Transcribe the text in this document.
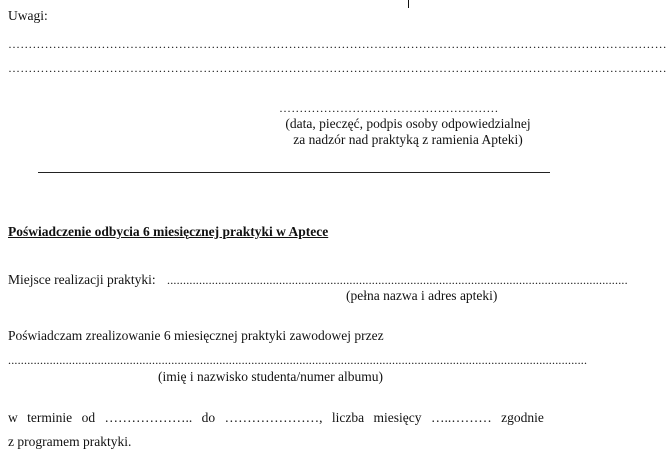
Uwagi:
………………………………………………………………………………………………………………………………………………
………………………………………………………………………………………………………………………………………………
………………………………………………
(data, pieczęć, podpis osoby odpowiedzialnej
za nadzór nad praktyką z ramienia Apteki)
Poświadczenie odbycia 6 miesięcznej praktyki w Aptece
Miejsce realizacji praktyki: ................................................................................................................................................
(pełna nazwa i adres apteki)
Poświadczam zrealizowanie 6 miesięcznej praktyki zawodowej przez
.....................................................................................................................................................................................
(imię i nazwisko studenta/numer albumu)
w terminie od ……………….. do …………………, liczba miesięcy …..……… zgodnie
z programem praktyki.
